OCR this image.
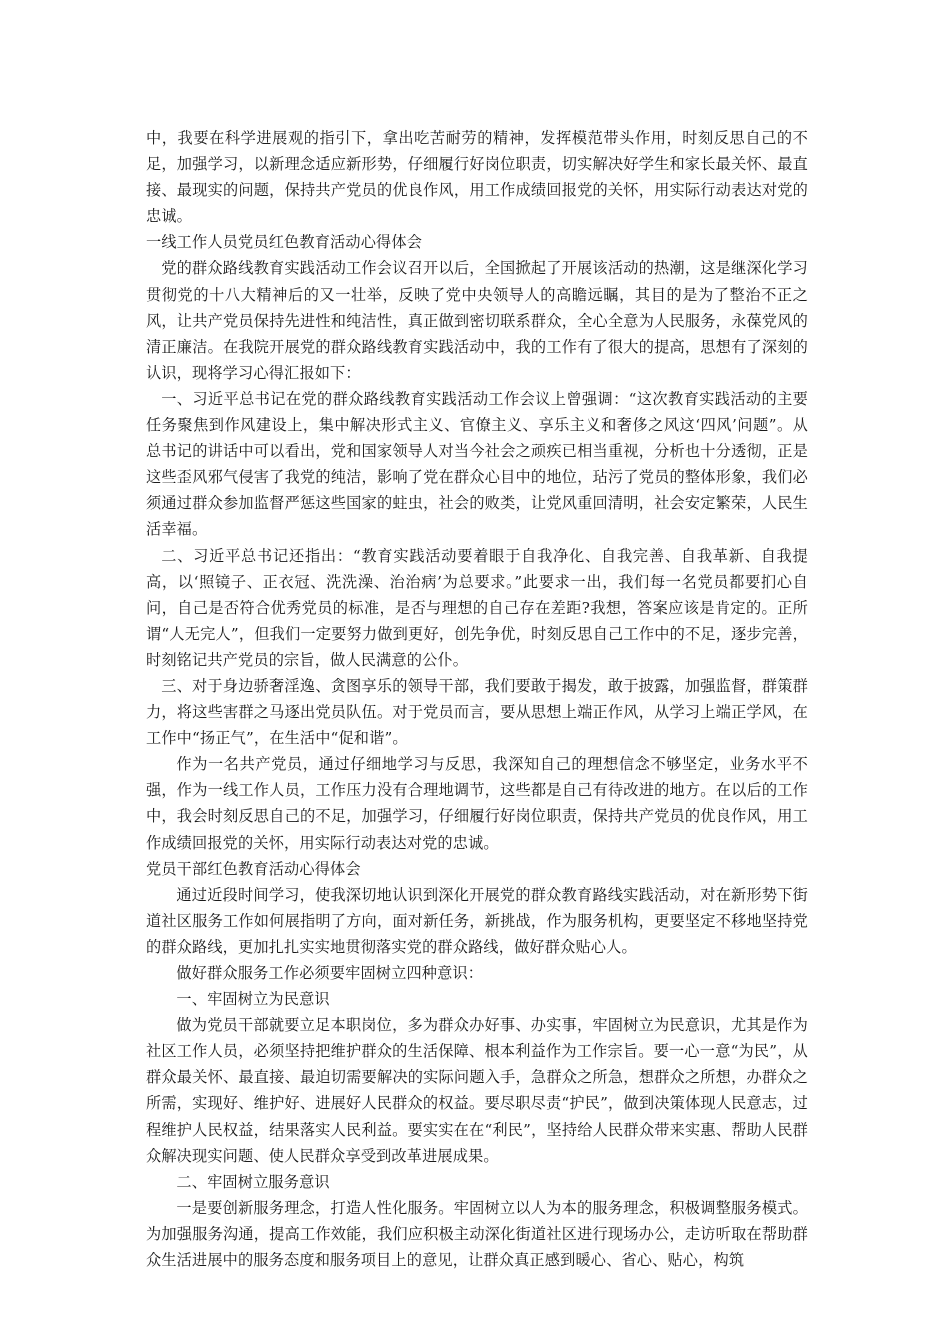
中，我要在科学进展观的指引下，拿出吃苦耐劳的精神，发挥模范带头作用，时刻反思自己的不足，加强学习，以新理念适应新形势，仔细履行好岗位职责，切实解决好学生和家长最关怀、最直接、最现实的问题，保持共产党员的优良作风，用工作成绩回报党的关怀，用实际行动表达对党的忠诚。

一线工作人员党员红色教育活动心得体会

党的群众路线教育实践活动工作会议召开以后，全国掀起了开展该活动的热潮，这是继深化学习贯彻党的十八大精神后的又一壮举，反映了党中央领导人的高瞻远瞩，其目的是为了整治不正之风，让共产党员保持先进性和纯洁性，真正做到密切联系群众，全心全意为人民服务，永葆党风的清正廉洁。在我院开展党的群众路线教育实践活动中，我的工作有了很大的提高，思想有了深刻的认识，现将学习心得汇报如下：

一、习近平总书记在党的群众路线教育实践活动工作会议上曾强调：“这次教育实践活动的主要任务聚焦到作风建设上，集中解决形式主义、官僚主义、享乐主义和奢侈之风这‘四风’问题”。从总书记的讲话中可以看出，党和国家领导人对当今社会之顽疾已相当重视，分析也十分透彻，正是这些歪风邪气侵害了我党的纯洁，影响了党在群众心目中的地位，玷污了党员的整体形象，我们必须通过群众参加监督严惩这些国家的蛀虫，社会的败类，让党风重回清明，社会安定繁荣，人民生活幸福。

二、习近平总书记还指出：“教育实践活动要着眼于自我净化、自我完善、自我革新、自我提高，以‘照镜子、正衣冠、洗洗澡、治治病’为总要求。”此要求一出，我们每一名党员都要扪心自问，自己是否符合优秀党员的标准，是否与理想的自己存在差距?我想，答案应该是肯定的。正所谓“人无完人”，但我们一定要努力做到更好，创先争优，时刻反思自己工作中的不足，逐步完善，时刻铭记共产党员的宗旨，做人民满意的公仆。

三、对于身边骄奢淫逸、贪图享乐的领导干部，我们要敢于揭发，敢于披露，加强监督，群策群力，将这些害群之马逐出党员队伍。对于党员而言，要从思想上端正作风，从学习上端正学风，在工作中“扬正气”，在生活中“促和谐”。

作为一名共产党员，通过仔细地学习与反思，我深知自己的理想信念不够坚定，业务水平不强，作为一线工作人员，工作压力没有合理地调节，这些都是自己有待改进的地方。在以后的工作中，我会时刻反思自己的不足，加强学习，仔细履行好岗位职责，保持共产党员的优良作风，用工作成绩回报党的关怀，用实际行动表达对党的忠诚。

党员干部红色教育活动心得体会

通过近段时间学习，使我深切地认识到深化开展党的群众教育路线实践活动，对在新形势下街道社区服务工作如何展指明了方向，面对新任务，新挑战，作为服务机构，更要坚定不移地坚持党的群众路线，更加扎扎实实地贯彻落实党的群众路线，做好群众贴心人。

做好群众服务工作必须要牢固树立四种意识：

一、牢固树立为民意识

做为党员干部就要立足本职岗位，多为群众办好事、办实事，牢固树立为民意识，尤其是作为社区工作人员，必须坚持把维护群众的生活保障、根本利益作为工作宗旨。要一心一意“为民”，从群众最关怀、最直接、最迫切需要解决的实际问题入手，急群众之所急，想群众之所想，办群众之所需，实现好、维护好、进展好人民群众的权益。要尽职尽责“护民”，做到决策体现人民意志，过程维护人民权益，结果落实人民利益。要实实在在“利民”，坚持给人民群众带来实惠、帮助人民群众解决现实问题、使人民群众享受到改革进展成果。

二、牢固树立服务意识

一是要创新服务理念，打造人性化服务。牢固树立以人为本的服务理念，积极调整服务模式。为加强服务沟通，提高工作效能，我们应积极主动深化街道社区进行现场办公，走访听取在帮助群众生活进展中的服务态度和服务项目上的意见，让群众真正感到暖心、省心、贴心，构筑
